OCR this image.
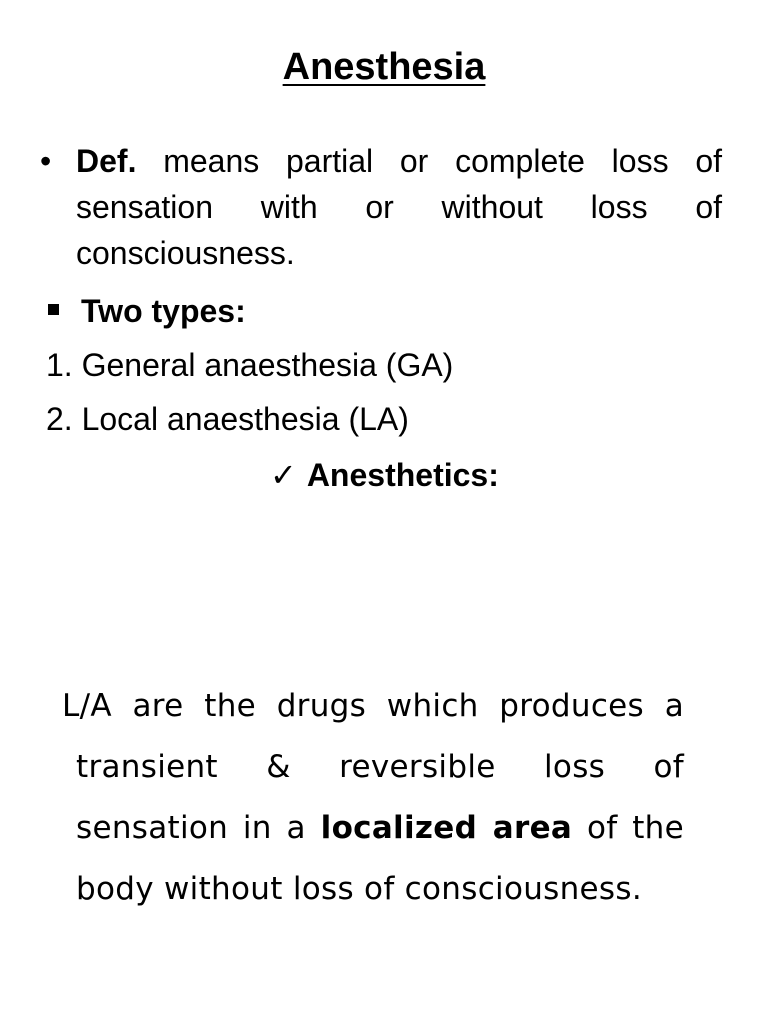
Anesthesia
• Def. means partial or complete loss of sensation with or without loss of consciousness.
Two types:
1. General anaesthesia (GA)
2. Local anaesthesia (LA)
✓ Anesthetics:
L/A are the drugs which produces a
transient & reversible loss of
sensation in a localized area of the
body without loss of consciousness.
